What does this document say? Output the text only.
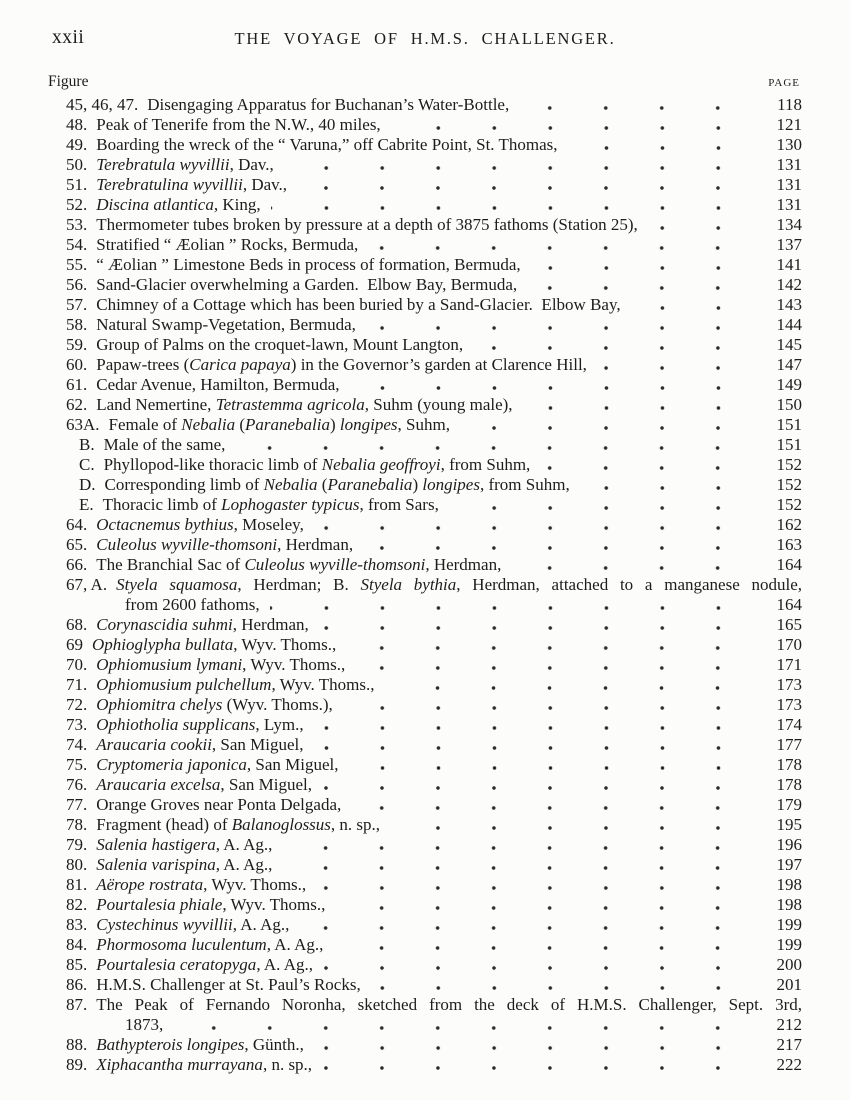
xxii	THE VOYAGE OF H.M.S. CHALLENGER.
Figure	PAGE
45, 46, 47. Disengaging Apparatus for Buchanan’s Water-Bottle,	118
48. Peak of Tenerife from the N.W., 40 miles,	121
49. Boarding the wreck of the “ Varuna,” off Cabrite Point, St. Thomas,	130
50. Terebratula wyvillii, Dav.,	131
51. Terebratulina wyvillii, Dav.,	131
52. Discina atlantica, King,	131
53. Thermometer tubes broken by pressure at a depth of 3875 fathoms (Station 25),	134
54. Stratified “ Æolian ” Rocks, Bermuda,	137
55. “ Æolian ” Limestone Beds in process of formation, Bermuda,	141
56. Sand-Glacier overwhelming a Garden. Elbow Bay, Bermuda,	142
57. Chimney of a Cottage which has been buried by a Sand-Glacier. Elbow Bay,	143
58. Natural Swamp-Vegetation, Bermuda,	144
59. Group of Palms on the croquet-lawn, Mount Langton,	145
60. Papaw-trees (Carica papaya) in the Governor’s garden at Clarence Hill,	147
61. Cedar Avenue, Hamilton, Bermuda,	149
62. Land Nemertine, Tetrastemma agricola, Suhm (young male),	150
63A. Female of Nebalia (Paranebalia) longipes, Suhm,	151
B. Male of the same,	151
C. Phyllopod-like thoracic limb of Nebalia geoffroyi, from Suhm,	152
D. Corresponding limb of Nebalia (Paranebalia) longipes, from Suhm,	152
E. Thoracic limb of Lophogaster typicus, from Sars,	152
64. Octacnemus bythius, Moseley,	162
65. Culeolus wyville-thomsoni, Herdman,	163
66. The Branchial Sac of Culeolus wyville-thomsoni, Herdman,	164
67, A. Styela squamosa, Herdman; B. Styela bythia, Herdman, attached to a manganese nodule,
from 2600 fathoms,	164
68. Corynascidia suhmi, Herdman,	165
69 Ophioglypha bullata, Wyv. Thoms.,	170
70. Ophiomusium lymani, Wyv. Thoms.,	171
71. Ophiomusium pulchellum, Wyv. Thoms.,	173
72. Ophiomitra chelys (Wyv. Thoms.),	173
73. Ophiotholia supplicans, Lym.,	174
74. Araucaria cookii, San Miguel,	177
75. Cryptomeria japonica, San Miguel,	178
76. Araucaria excelsa, San Miguel,	178
77. Orange Groves near Ponta Delgada,	179
78. Fragment (head) of Balanoglossus, n. sp.,	195
79. Salenia hastigera, A. Ag.,	196
80. Salenia varispina, A. Ag.,	197
81. Aërope rostrata, Wyv. Thoms.,	198
82. Pourtalesia phiale, Wyv. Thoms.,	198
83. Cystechinus wyvillii, A. Ag.,	199
84. Phormosoma luculentum, A. Ag.,	199
85. Pourtalesia ceratopyga, A. Ag.,	200
86. H.M.S. Challenger at St. Paul’s Rocks,	201
87. The Peak of Fernando Noronha, sketched from the deck of H.M.S. Challenger, Sept. 3rd,
1873,	212
88. Bathypterois longipes, Günth.,	217
89. Xiphacantha murrayana, n. sp.,	222
